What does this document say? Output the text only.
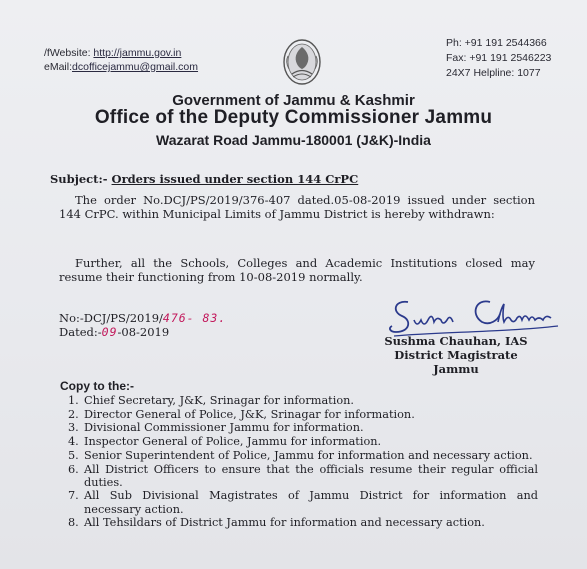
/fWebsite: http://jammu.gov.in
eMail:dcofficejammu@gmail.com
Ph: +91 191 2544366
Fax: +91 191 2546223
24X7 Helpline: 1077
Government of Jammu & Kashmir
Office of the Deputy Commissioner Jammu
Wazarat Road Jammu-180001 (J&K)-India
Subject:- Orders issued under section 144 CrPC
The order No.DCJ/PS/2019/376-407 dated.05-08-2019 issued under section 144 CrPC. within Municipal Limits of Jammu District is hereby withdrawn:
Further, all the Schools, Colleges and Academic Institutions closed may resume their functioning from 10-08-2019 normally.
No:-DCJ/PS/2019/476- 83.
Dated:-09-08-2019
Sushma Chauhan, IAS
District Magistrate
Jammu
Copy to the:-
1. Chief Secretary, J&K, Srinagar for information.
2. Director General of Police, J&K, Srinagar for information.
3. Divisional Commissioner Jammu for information.
4. Inspector General of Police, Jammu for information.
5. Senior Superintendent of Police, Jammu for information and necessary action.
6. All District Officers to ensure that the officials resume their regular official duties.
7. All Sub Divisional Magistrates of Jammu District for information and necessary action.
8. All Tehsildars of District Jammu for information and necessary action.
